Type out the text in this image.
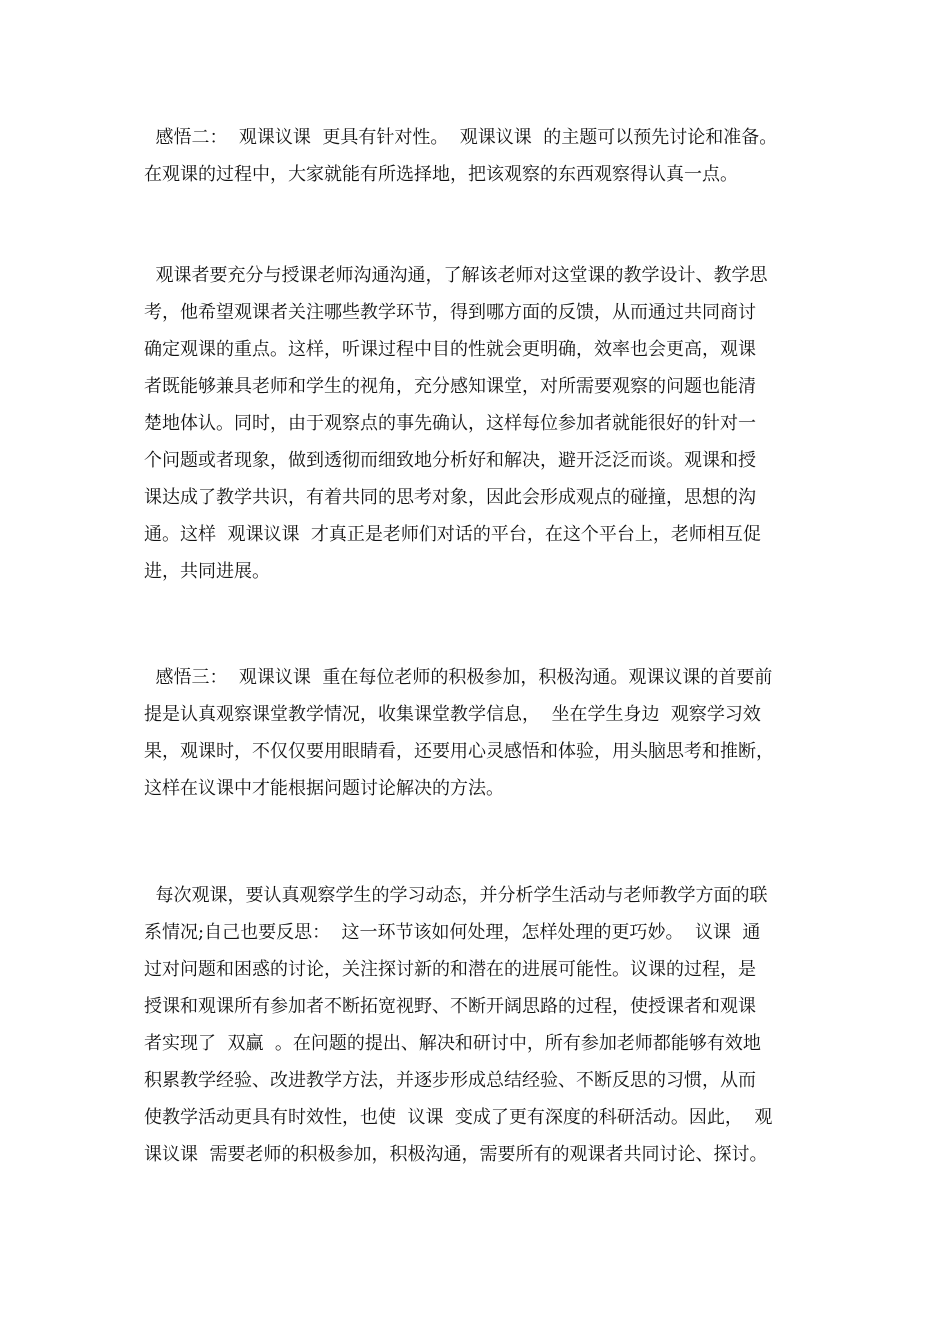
感悟二：  观课议课  更具有针对性。  观课议课  的主题可以预先讨论和准备。
在观课的过程中，大家就能有所选择地，把该观察的东西观察得认真一点。
观课者要充分与授课老师沟通沟通，了解该老师对这堂课的教学设计、教学思
考，他希望观课者关注哪些教学环节，得到哪方面的反馈，从而通过共同商讨
确定观课的重点。这样，听课过程中目的性就会更明确，效率也会更高，观课
者既能够兼具老师和学生的视角，充分感知课堂，对所需要观察的问题也能清
楚地体认。同时，由于观察点的事先确认，这样每位参加者就能很好的针对一
个问题或者现象，做到透彻而细致地分析好和解决，避开泛泛而谈。观课和授
课达成了教学共识，有着共同的思考对象，因此会形成观点的碰撞，思想的沟
通。这样  观课议课  才真正是老师们对话的平台，在这个平台上，老师相互促
进，共同进展。
感悟三：  观课议课  重在每位老师的积极参加，积极沟通。观课议课的首要前
提是认真观察课堂教学情况，收集课堂教学信息，  坐在学生身边  观察学习效
果，观课时，不仅仅要用眼睛看，还要用心灵感悟和体验，用头脑思考和推断，
这样在议课中才能根据问题讨论解决的方法。
每次观课，要认真观察学生的学习动态，并分析学生活动与老师教学方面的联
系情况;自己也要反思：  这一环节该如何处理，怎样处理的更巧妙。  议课  通
过对问题和困惑的讨论，关注探讨新的和潜在的进展可能性。议课的过程，是
授课和观课所有参加者不断拓宽视野、不断开阔思路的过程，使授课者和观课
者实现了  双赢  。在问题的提出、解决和研讨中，所有参加老师都能够有效地
积累教学经验、改进教学方法，并逐步形成总结经验、不断反思的习惯，从而
使教学活动更具有时效性，也使  议课  变成了更有深度的科研活动。因此，  观
课议课  需要老师的积极参加，积极沟通，需要所有的观课者共同讨论、探讨。
